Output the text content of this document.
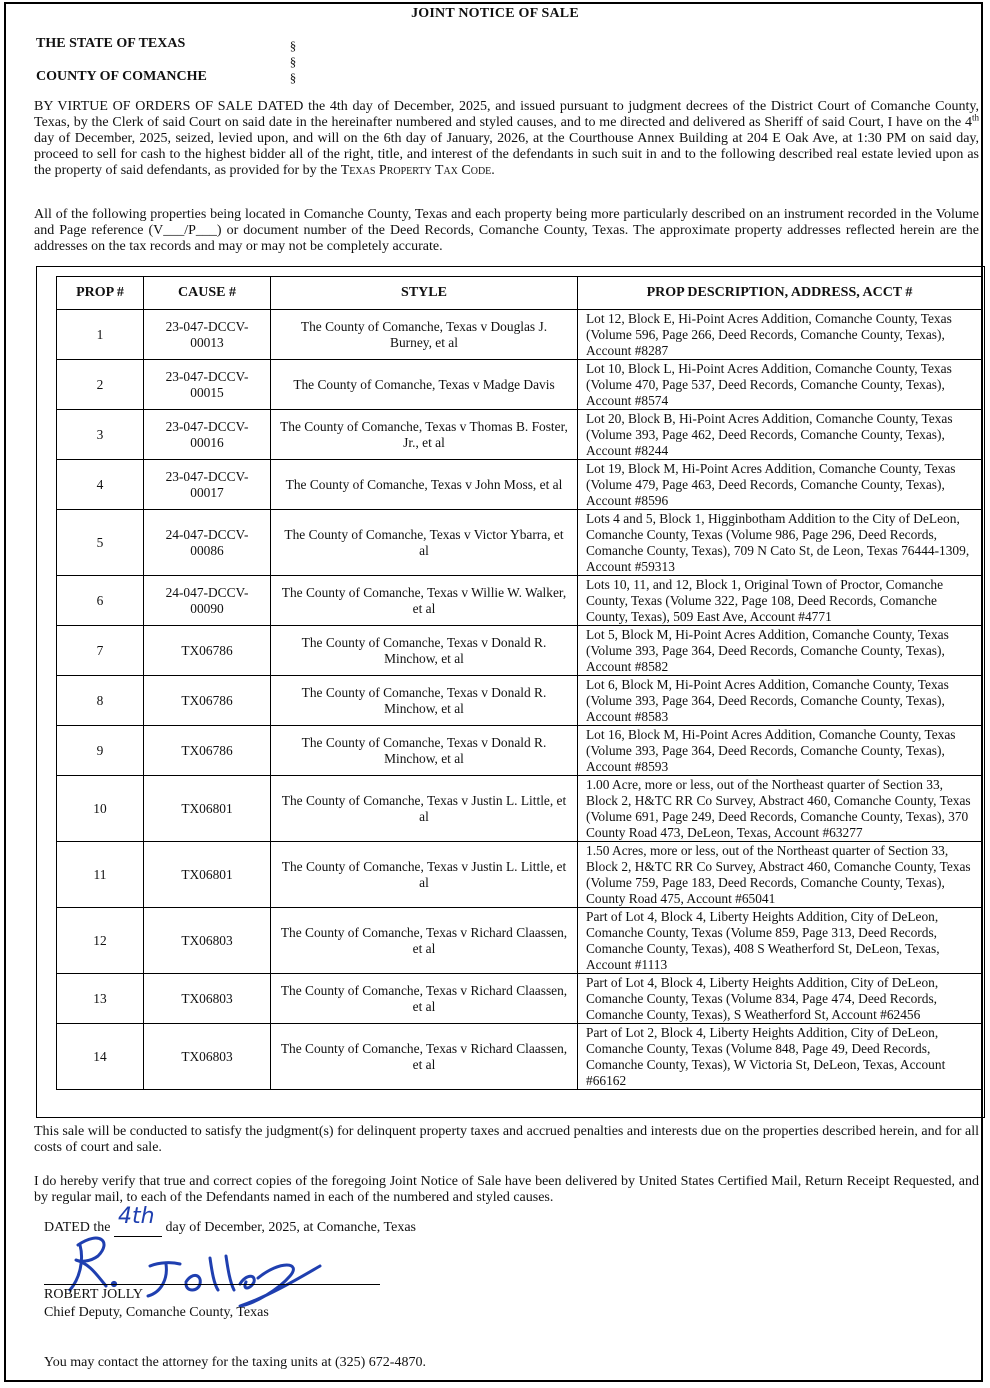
JOINT NOTICE OF SALE
THE STATE OF TEXAS
COUNTY OF COMANCHE
§
§
§
BY VIRTUE OF ORDERS OF SALE DATED the 4th day of December, 2025, and issued pursuant to judgment decrees of the District Court of Comanche County, Texas, by the Clerk of said Court on said date in the hereinafter numbered and styled causes, and to me directed and delivered as Sheriff of said Court, I have on the 4th day of December, 2025, seized, levied upon, and will on the 6th day of January, 2026, at the Courthouse Annex Building at 204 E Oak Ave, at 1:30 PM on said day, proceed to sell for cash to the highest bidder all of the right, title, and interest of the defendants in such suit in and to the following described real estate levied upon as the property of said defendants, as provided for by the Texas Property Tax Code.
All of the following properties being located in Comanche County, Texas and each property being more particularly described on an instrument recorded in the Volume and Page reference (V___/P___) or document number of the Deed Records, Comanche County, Texas. The approximate property addresses reflected herein are the addresses on the tax records and may or may not be completely accurate.
PROP #	CAUSE #	STYLE	PROP DESCRIPTION, ADDRESS, ACCT #
1	23-047-DCCV-00013	The County of Comanche, Texas v Douglas J. Burney, et al	Lot 12, Block E, Hi-Point Acres Addition, Comanche County, Texas (Volume 596, Page 266, Deed Records, Comanche County, Texas), Account #8287
2	23-047-DCCV-00015	The County of Comanche, Texas v Madge Davis	Lot 10, Block L, Hi-Point Acres Addition, Comanche County, Texas (Volume 470, Page 537, Deed Records, Comanche County, Texas), Account #8574
3	23-047-DCCV-00016	The County of Comanche, Texas v Thomas B. Foster, Jr., et al	Lot 20, Block B, Hi-Point Acres Addition, Comanche County, Texas (Volume 393, Page 462, Deed Records, Comanche County, Texas), Account #8244
4	23-047-DCCV-00017	The County of Comanche, Texas v John Moss, et al	Lot 19, Block M, Hi-Point Acres Addition, Comanche County, Texas (Volume 479, Page 463, Deed Records, Comanche County, Texas), Account #8596
5	24-047-DCCV-00086	The County of Comanche, Texas v Victor Ybarra, et al	Lots 4 and 5, Block 1, Higginbotham Addition to the City of DeLeon, Comanche County, Texas (Volume 986, Page 296, Deed Records, Comanche County, Texas), 709 N Cato St, de Leon, Texas 76444-1309, Account #59313
6	24-047-DCCV-00090	The County of Comanche, Texas v Willie W. Walker, et al	Lots 10, 11, and 12, Block 1, Original Town of Proctor, Comanche County, Texas (Volume 322, Page 108, Deed Records, Comanche County, Texas), 509 East Ave, Account #4771
7	TX06786	The County of Comanche, Texas v Donald R. Minchow, et al	Lot 5, Block M, Hi-Point Acres Addition, Comanche County, Texas (Volume 393, Page 364, Deed Records, Comanche County, Texas), Account #8582
8	TX06786	The County of Comanche, Texas v Donald R. Minchow, et al	Lot 6, Block M, Hi-Point Acres Addition, Comanche County, Texas (Volume 393, Page 364, Deed Records, Comanche County, Texas), Account #8583
9	TX06786	The County of Comanche, Texas v Donald R. Minchow, et al	Lot 16, Block M, Hi-Point Acres Addition, Comanche County, Texas (Volume 393, Page 364, Deed Records, Comanche County, Texas), Account #8593
10	TX06801	The County of Comanche, Texas v Justin L. Little, et al	1.00 Acre, more or less, out of the Northeast quarter of Section 33, Block 2, H&TC RR Co Survey, Abstract 460, Comanche County, Texas (Volume 691, Page 249, Deed Records, Comanche County, Texas), 370 County Road 473, DeLeon, Texas, Account #63277
11	TX06801	The County of Comanche, Texas v Justin L. Little, et al	1.50 Acres, more or less, out of the Northeast quarter of Section 33, Block 2, H&TC RR Co Survey, Abstract 460, Comanche County, Texas (Volume 759, Page 183, Deed Records, Comanche County, Texas), County Road 475, Account #65041
12	TX06803	The County of Comanche, Texas v Richard Claassen, et al	Part of Lot 4, Block 4, Liberty Heights Addition, City of DeLeon, Comanche County, Texas (Volume 859, Page 313, Deed Records, Comanche County, Texas), 408 S Weatherford St, DeLeon, Texas, Account #1113
13	TX06803	The County of Comanche, Texas v Richard Claassen, et al	Part of Lot 4, Block 4, Liberty Heights Addition, City of DeLeon, Comanche County, Texas (Volume 834, Page 474, Deed Records, Comanche County, Texas), S Weatherford St, Account #62456
14	TX06803	The County of Comanche, Texas v Richard Claassen, et al	Part of Lot 2, Block 4, Liberty Heights Addition, City of DeLeon, Comanche County, Texas (Volume 848, Page 49, Deed Records, Comanche County, Texas), W Victoria St, DeLeon, Texas, Account #66162
This sale will be conducted to satisfy the judgment(s) for delinquent property taxes and accrued penalties and interests due on the properties described herein, and for all costs of court and sale.
I do hereby verify that true and correct copies of the foregoing Joint Notice of Sale have been delivered by United States Certified Mail, Return Receipt Requested, and by regular mail, to each of the Defendants named in each of the numbered and styled causes.
DATED the 4th day of December, 2025, at Comanche, Texas
ROBERT JOLLY
Chief Deputy, Comanche County, Texas
You may contact the attorney for the taxing units at (325) 672-4870.
